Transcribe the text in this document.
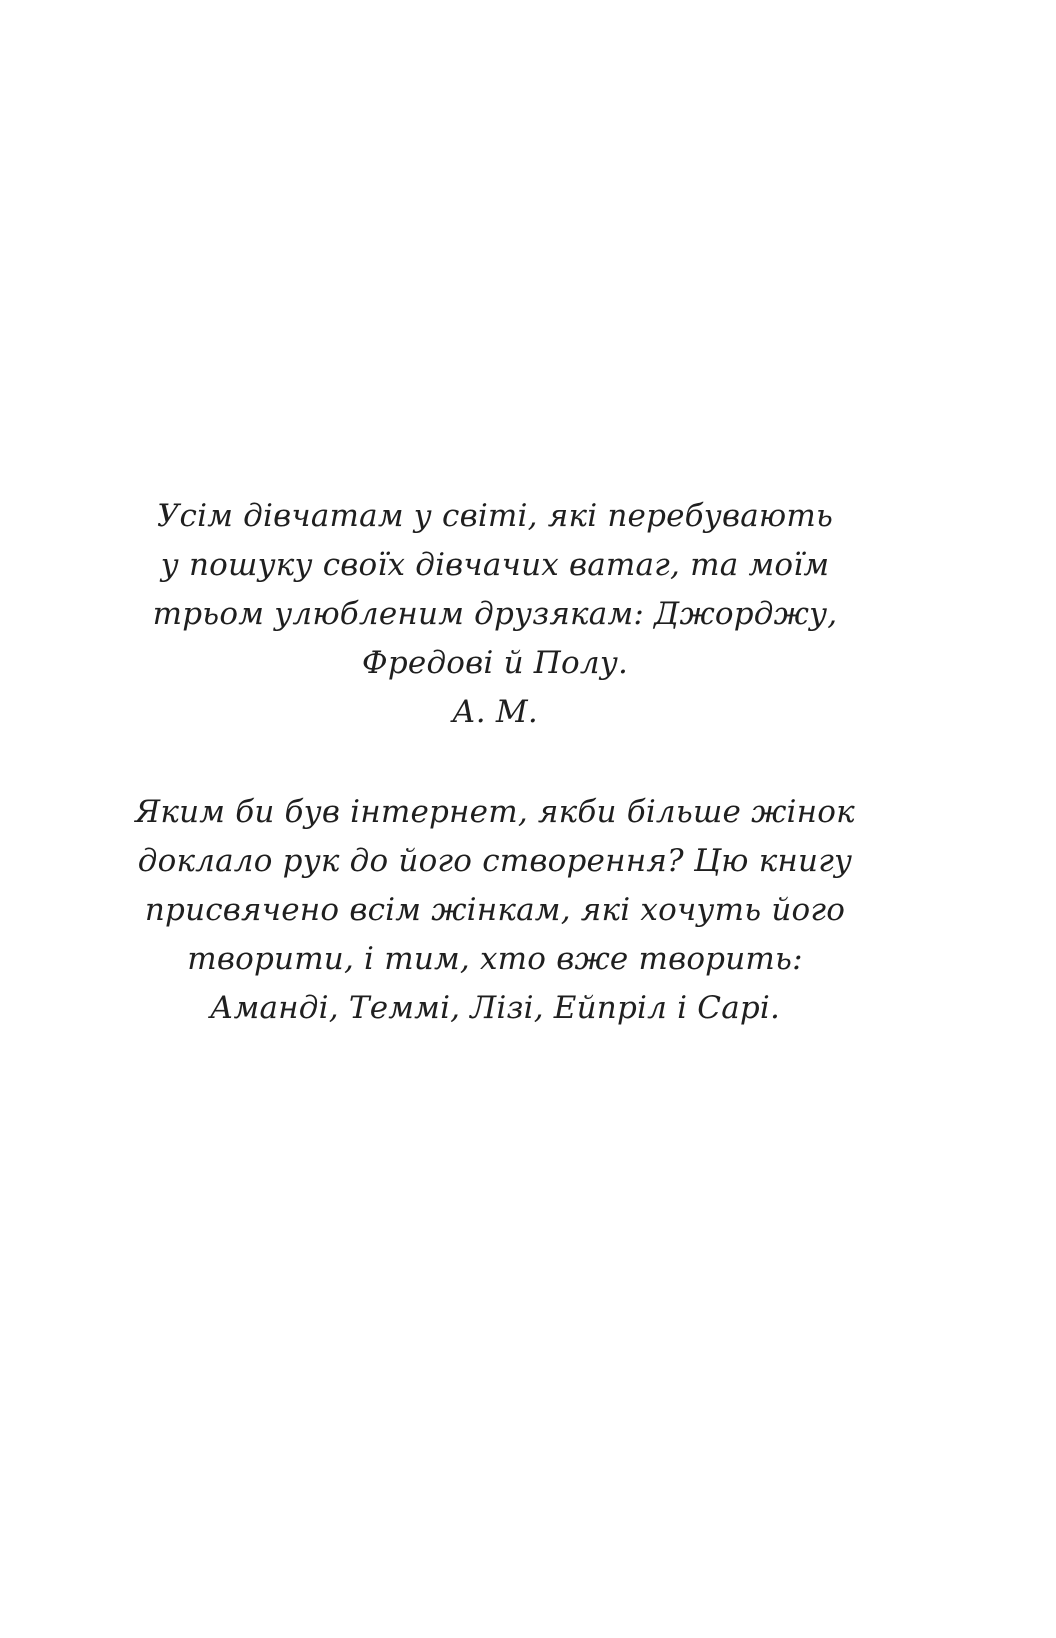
Усім дівчатам у світі, які перебувають
у пошуку своїх дівчачих ватаг, та моїм
трьом улюбленим друзякам: Джорджу,
Фредові й Полу.
А. М.
Яким би був інтернет, якби більше жінок
доклало рук до його створення? Цю книгу
присвячено всім жінкам, які хочуть його
творити, і тим, хто вже творить:
Аманді, Теммі, Лізі, Ейпріл і Сарі.
